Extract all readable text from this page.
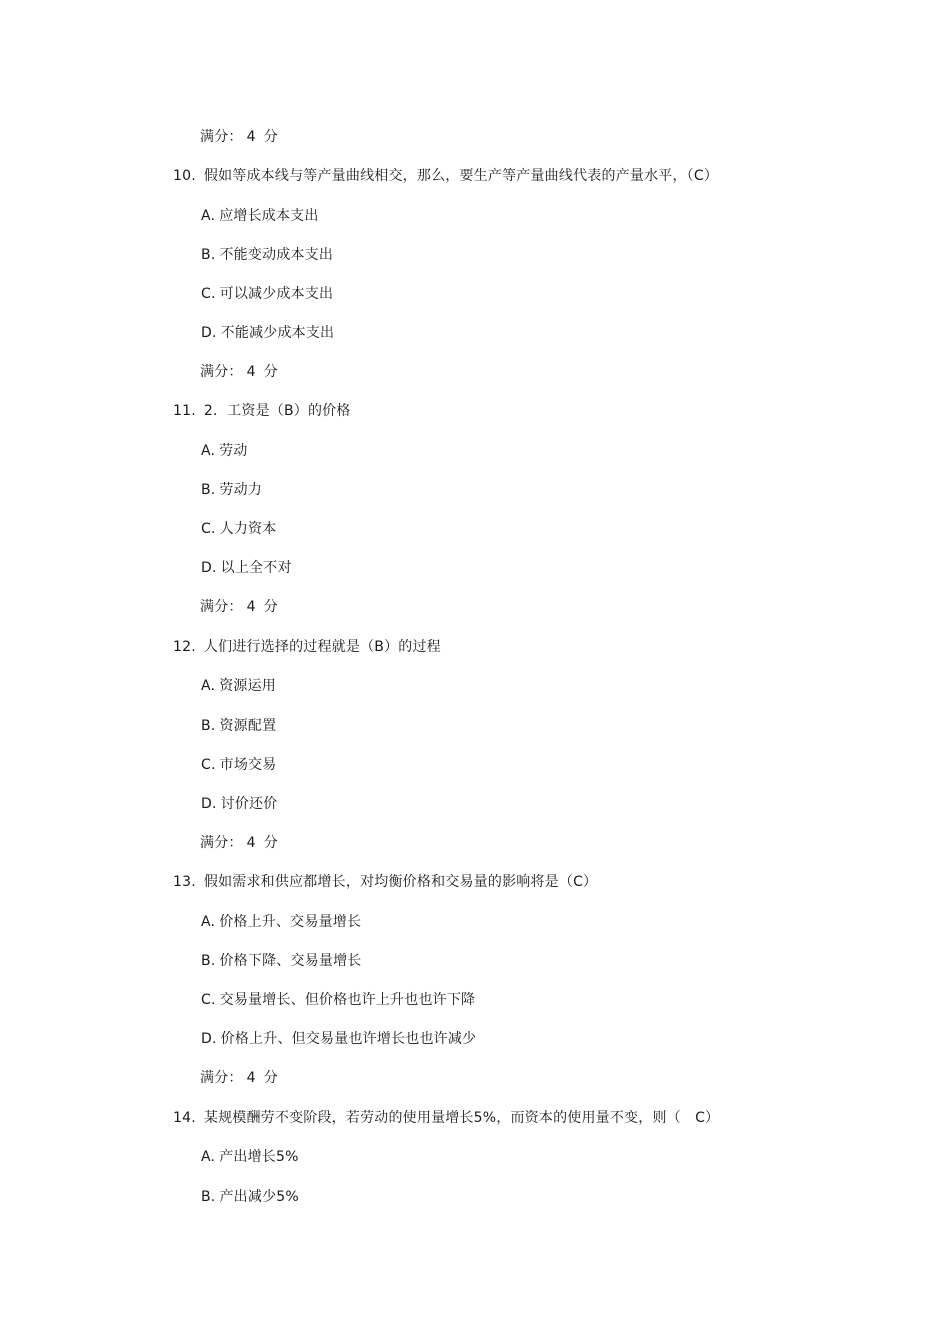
满分： 4 分
10. 假如等成本线与等产量曲线相交，那么，要生产等产量曲线代表的产量水平，（C）
A. 应增长成本支出
B. 不能变动成本支出
C. 可以减少成本支出
D. 不能减少成本支出
满分： 4 分
11. 2．工资是（B）的价格
A. 劳动
B. 劳动力
C. 人力资本
D. 以上全不对
满分： 4 分
12. 人们进行选择的过程就是（B）的过程
A. 资源运用
B. 资源配置
C. 市场交易
D. 讨价还价
满分： 4 分
13. 假如需求和供应都增长，对均衡价格和交易量的影响将是（C）
A. 价格上升、交易量增长
B. 价格下降、交易量增长
C. 交易量增长、但价格也许上升也也许下降
D. 价格上升、但交易量也许增长也也许减少
满分： 4 分
14. 某规模酬劳不变阶段，若劳动的使用量增长5%，而资本的使用量不变，则（　C）
A. 产出增长5%
B. 产出减少5%
